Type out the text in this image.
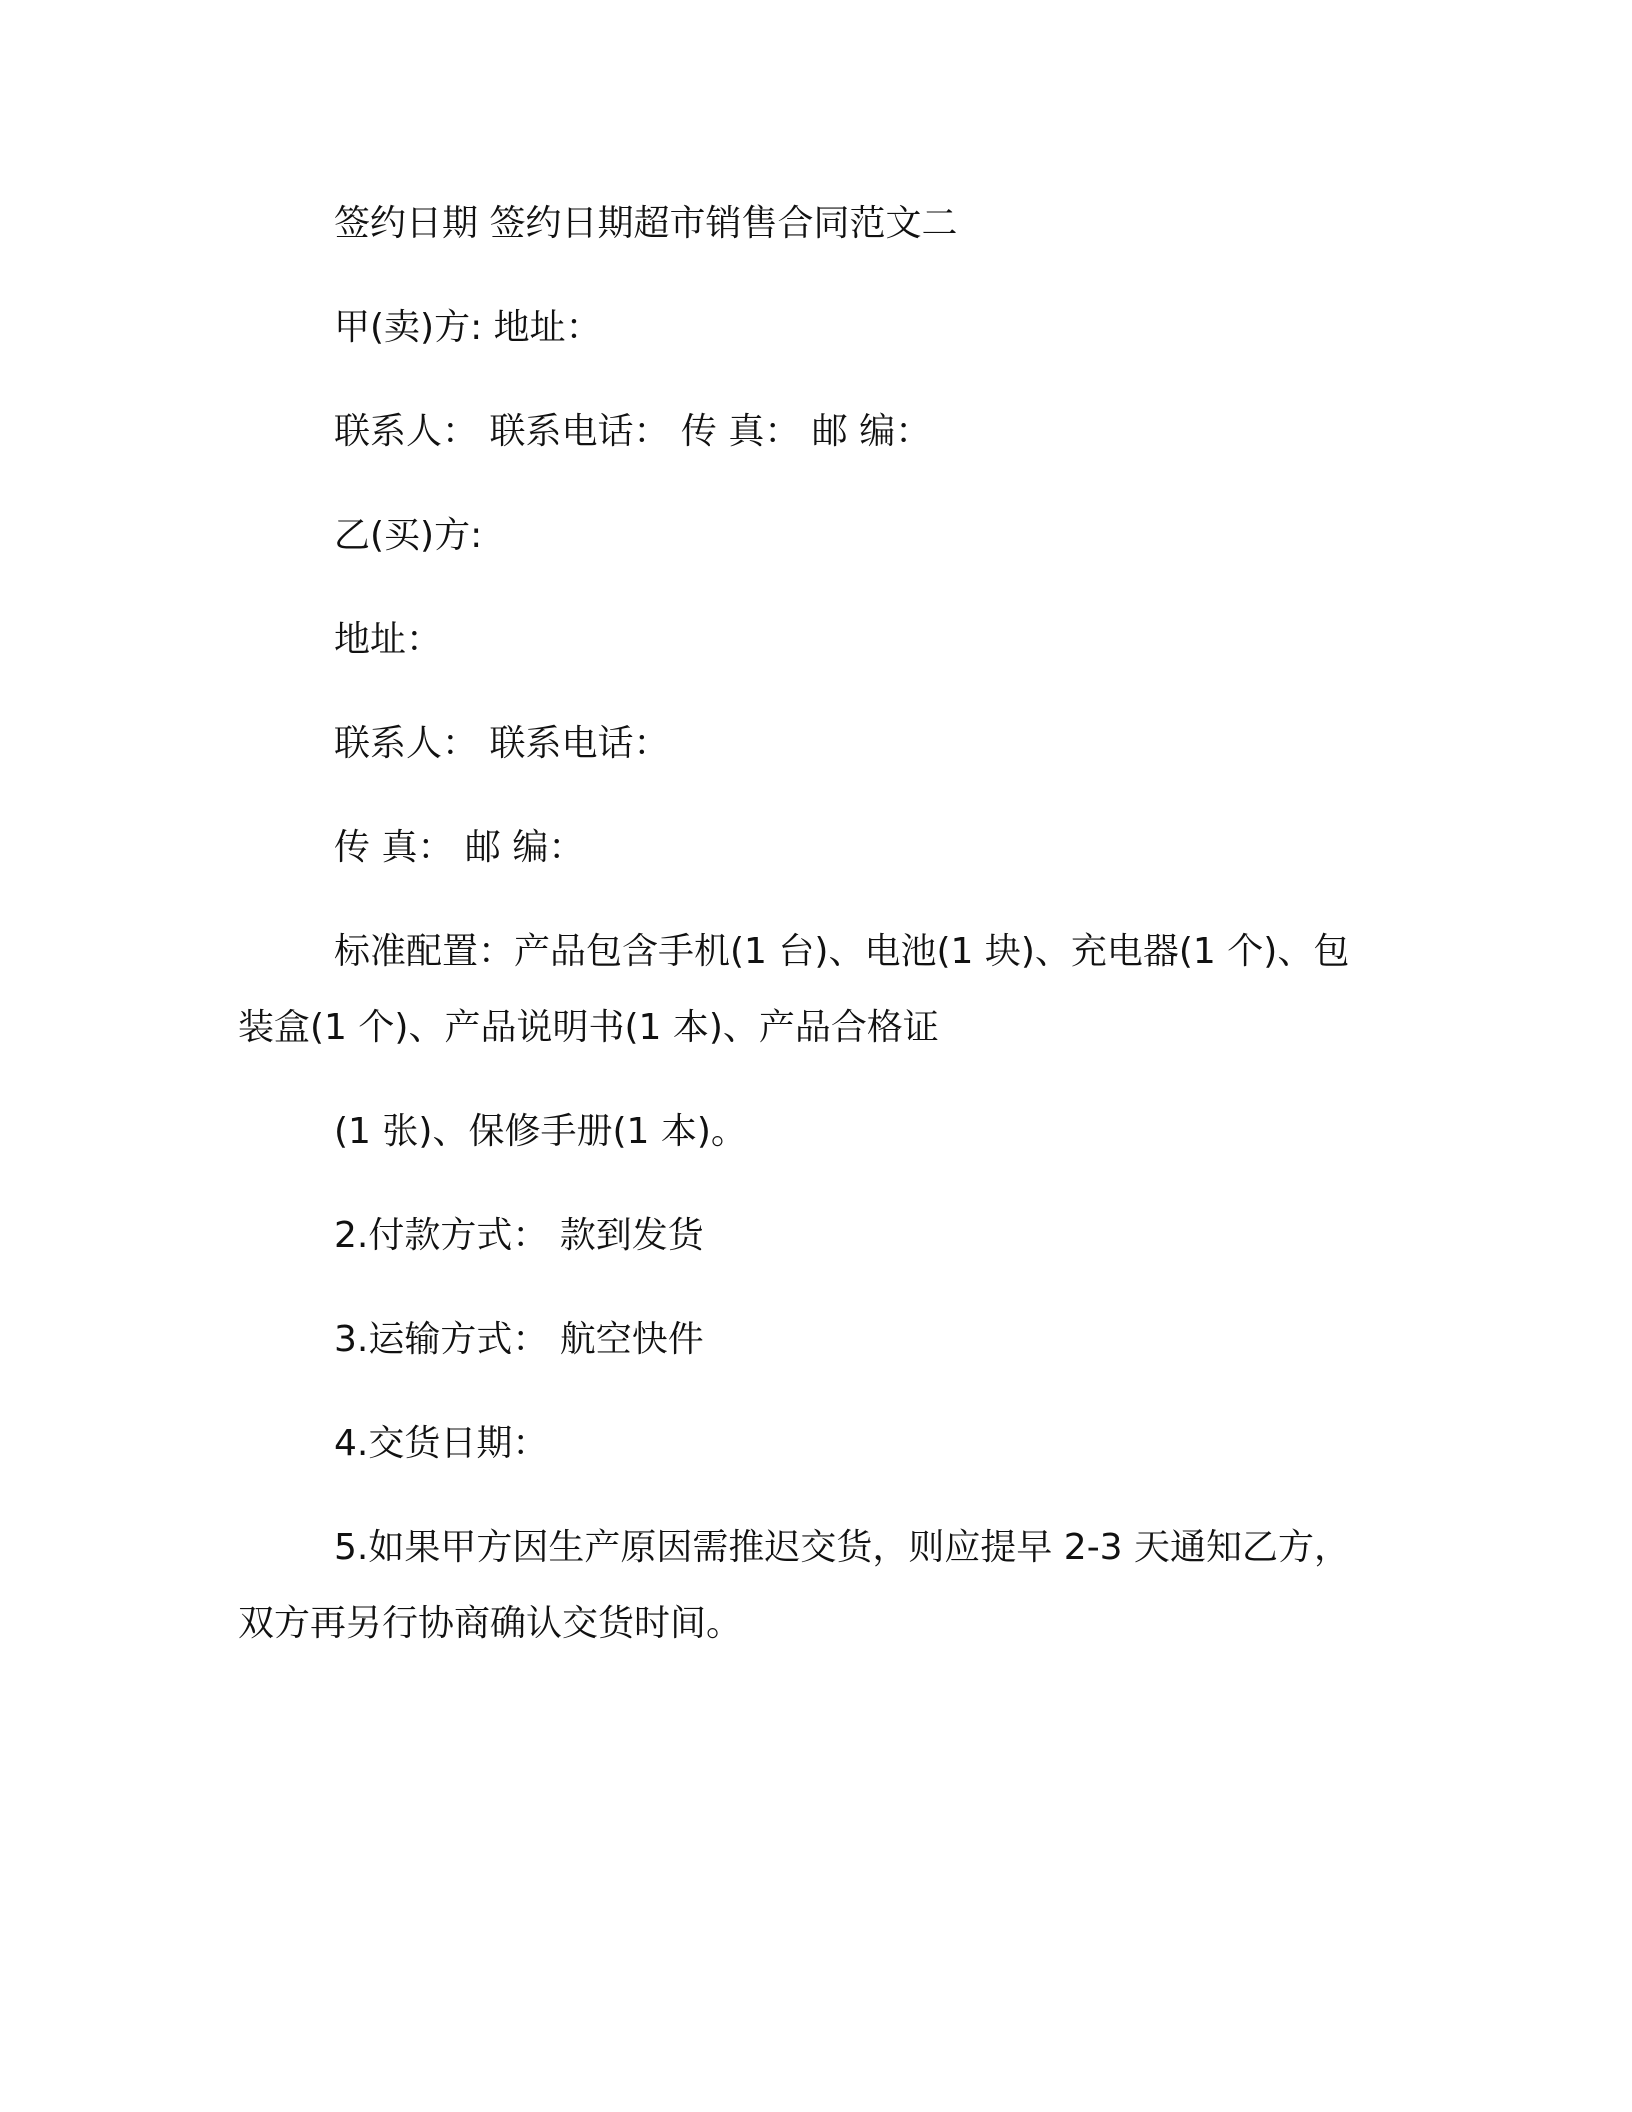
签约日期 签约日期超市销售合同范文二

甲(卖)方: 地址：

联系人： 联系电话： 传 真： 邮 编：

乙(买)方:

地址：

联系人： 联系电话：

传 真： 邮 编：

标准配置：产品包含手机(1 台)、电池(1 块)、充电器(1 个)、包装盒(1 个)、产品说明书(1 本)、产品合格证

(1 张)、保修手册(1 本)。

2.付款方式： 款到发货

3.运输方式： 航空快件

4.交货日期：

5.如果甲方因生产原因需推迟交货，则应提早 2-3 天通知乙方，双方再另行协商确认交货时间。
